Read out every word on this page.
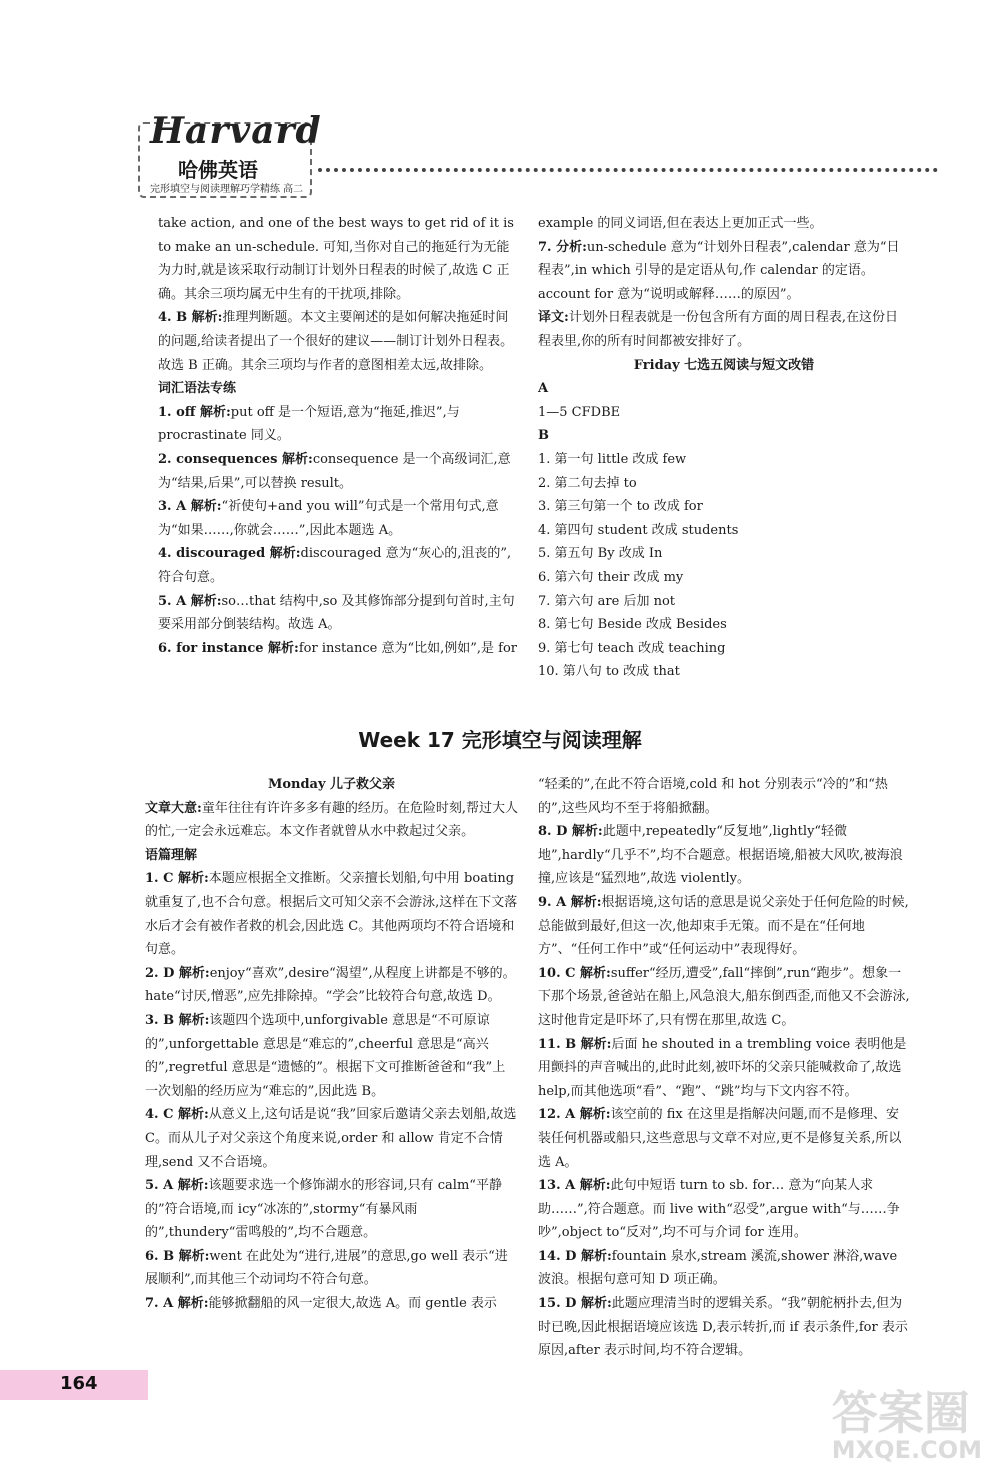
Harvard
哈佛英语
完形填空与阅读理解巧学精练 高二

take action, and one of the best ways to get rid of it is to make an un-schedule. 可知,当你对自己的拖延行为无能为力时,就是该采取行动制订计划外日程表的时候了,故选 C 正确。其余三项均属无中生有的干扰项,排除。

4. B 解析:推理判断题。本文主要阐述的是如何解决拖延时间的问题,给读者提出了一个很好的建议——制订计划外日程表。故选 B 正确。其余三项均与作者的意图相差太远,故排除。

词汇语法专练

1. off 解析:put off 是一个短语,意为“拖延,推迟”,与 procrastinate 同义。

2. consequences 解析:consequence 是一个高级词汇,意为“结果,后果”,可以替换 result。

3. A 解析:“祈使句+and you will”句式是一个常用句式,意为“如果……,你就会……”,因此本题选 A。

4. discouraged 解析:discouraged 意为“灰心的,沮丧的”,符合句意。

5. A 解析:so…that 结构中,so 及其修饰部分提到句首时,主句要采用部分倒装结构。故选 A。

6. for instance 解析:for instance 意为“比如,例如”,是 for

example 的同义词语,但在表达上更加正式一些。

7. 分析:un-schedule 意为“计划外日程表”,calendar 意为“日程表”,in which 引导的是定语从句,作 calendar 的定语。account for 意为“说明或解释……的原因”。

译文:计划外日程表就是一份包含所有方面的周日程表,在这份日程表里,你的所有时间都被安排好了。

Friday 七选五阅读与短文改错

A

1—5 CFDBE

B

1. 第一句 little 改成 few

2. 第二句去掉 to

3. 第三句第一个 to 改成 for

4. 第四句 student 改成 students

5. 第五句 By 改成 In

6. 第六句 their 改成 my

7. 第六句 are 后加 not

8. 第七句 Beside 改成 Besides

9. 第七句 teach 改成 teaching

10. 第八句 to 改成 that

Week 17 完形填空与阅读理解

Monday 儿子救父亲

文章大意:童年往往有许许多多有趣的经历。在危险时刻,帮过大人的忙,一定会永远难忘。本文作者就曾从水中救起过父亲。

语篇理解

1. C 解析:本题应根据全文推断。父亲擅长划船,句中用 boating 就重复了,也不合句意。根据后文可知父亲不会游泳,这样在下文落水后才会有被作者救的机会,因此选 C。其他两项均不符合语境和句意。

2. D 解析:enjoy“喜欢”,desire“渴望”,从程度上讲都是不够的。hate“讨厌,憎恶”,应先排除掉。“学会”比较符合句意,故选 D。

3. B 解析:该题四个选项中,unforgivable 意思是“不可原谅的”,unforgettable 意思是“难忘的”,cheerful 意思是“高兴的”,regretful 意思是“遗憾的”。根据下文可推断爸爸和“我”上一次划船的经历应为“难忘的”,因此选 B。

4. C 解析:从意义上,这句话是说“我”回家后邀请父亲去划船,故选 C。而从儿子对父亲这个角度来说,order 和 allow 肯定不合情理,send 又不合语境。

5. A 解析:该题要求选一个修饰湖水的形容词,只有 calm“平静的”符合语境,而 icy“冰冻的”,stormy“有暴风雨的”,thundery“雷鸣般的”,均不合题意。

6. B 解析:went 在此处为“进行,进展”的意思,go well 表示“进展顺利”,而其他三个动词均不符合句意。

7. A 解析:能够掀翻船的风一定很大,故选 A。而 gentle 表示

“轻柔的”,在此不符合语境,cold 和 hot 分别表示“冷的”和“热的”,这些风均不至于将船掀翻。

8. D 解析:此题中,repeatedly“反复地”,lightly“轻微地”,hardly“几乎不”,均不合题意。根据语境,船被大风吹,被海浪撞,应该是“猛烈地”,故选 violently。

9. A 解析:根据语境,这句话的意思是说父亲处于任何危险的时候,总能做到最好,但这一次,他却束手无策。而不是在“任何地方”、“任何工作中”或“任何运动中”表现得好。

10. C 解析:suffer“经历,遭受”,fall“摔倒”,run“跑步”。想象一下那个场景,爸爸站在船上,风急浪大,船东倒西歪,而他又不会游泳,这时他肯定是吓坏了,只有愣在那里,故选 C。

11. B 解析:后面 he shouted in a trembling voice 表明他是用颤抖的声音喊出的,此时此刻,被吓坏的父亲只能喊救命了,故选 help,而其他选项“看”、“跑”、“跳”均与下文内容不符。

12. A 解析:该空前的 fix 在这里是指解决问题,而不是修理、安装任何机器或船只,这些意思与文章不对应,更不是修复关系,所以选 A。

13. A 解析:此句中短语 turn to sb. for… 意为“向某人求助……”,符合题意。而 live with“忍受”,argue with“与……争吵”,object to“反对”,均不可与介词 for 连用。

14. D 解析:fountain 泉水,stream 溪流,shower 淋浴,wave 波浪。根据句意可知 D 项正确。

15. D 解析:此题应理清当时的逻辑关系。“我”朝舵柄扑去,但为时已晚,因此根据语境应该选 D,表示转折,而 if 表示条件,for 表示原因,after 表示时间,均不符合逻辑。

164
答案圈
MXQE.COM
